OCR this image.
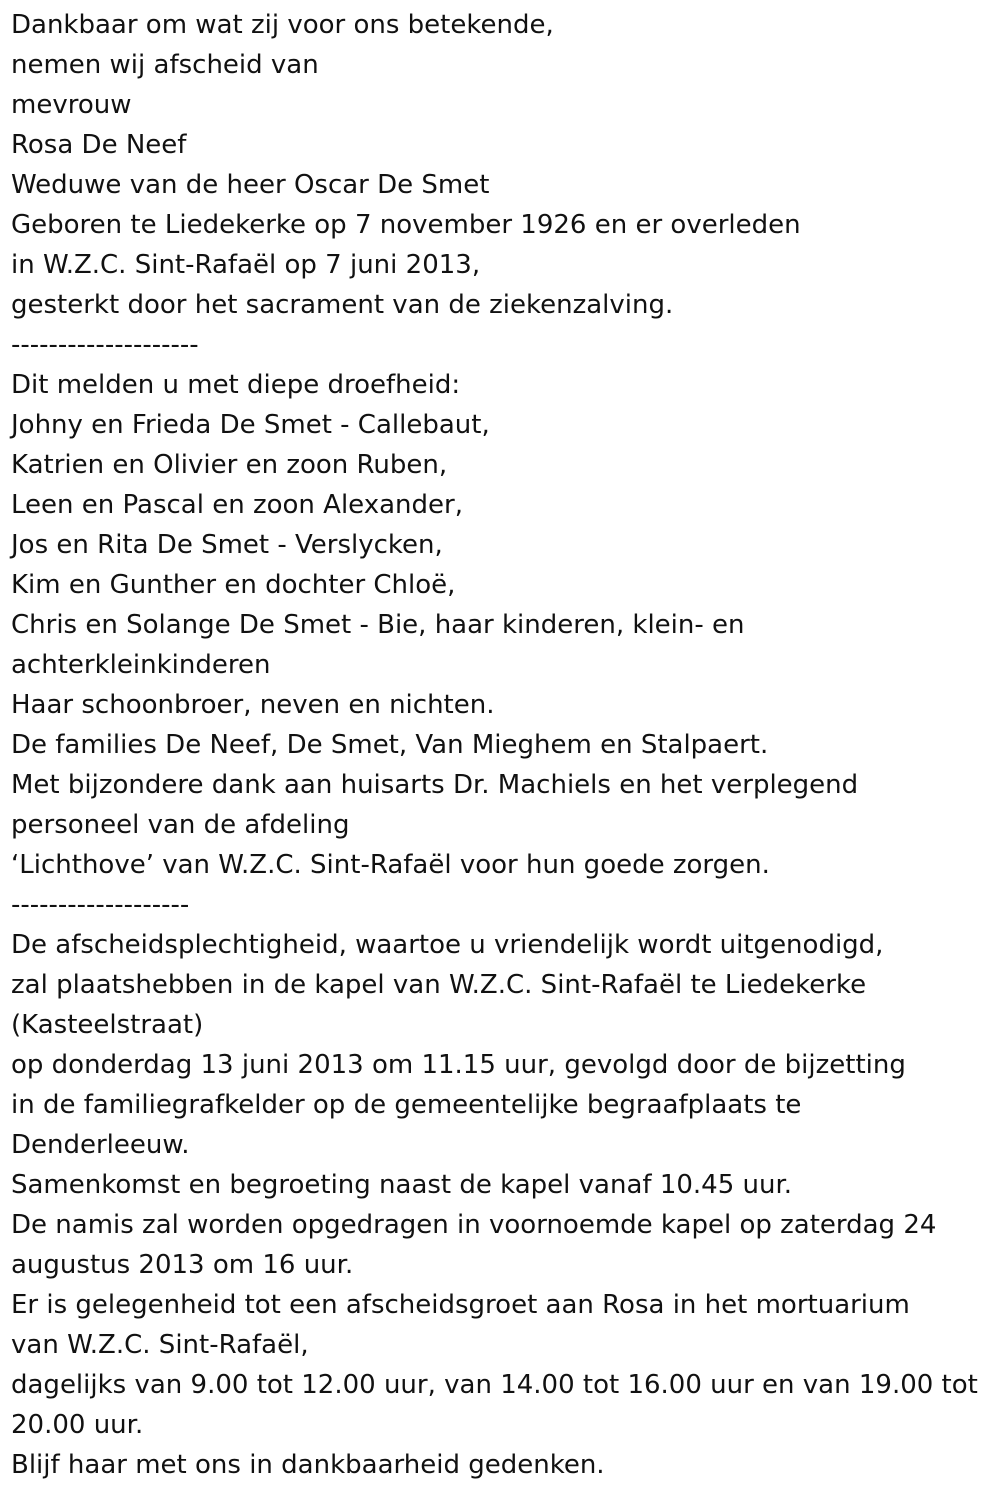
Dankbaar om wat zij voor ons betekende,
nemen wij afscheid van
mevrouw
Rosa De Neef
Weduwe van de heer Oscar De Smet
Geboren te Liedekerke op 7 november 1926 en er overleden
in W.Z.C. Sint-Rafaël op 7 juni 2013,
gesterkt door het sacrament van de ziekenzalving.
--------------------
Dit melden u met diepe droefheid:
Johny en Frieda De Smet - Callebaut,
Katrien en Olivier en zoon Ruben,
Leen en Pascal en zoon Alexander,
Jos en Rita De Smet - Verslycken,
Kim en Gunther en dochter Chloë,
Chris en Solange De Smet - Bie, haar kinderen, klein- en
achterkleinkinderen
Haar schoonbroer, neven en nichten.
De families De Neef, De Smet, Van Mieghem en Stalpaert.
Met bijzondere dank aan huisarts Dr. Machiels en het verplegend
personeel van de afdeling
‘Lichthove’ van W.Z.C. Sint-Rafaël voor hun goede zorgen.
-------------------
De afscheidsplechtigheid, waartoe u vriendelijk wordt uitgenodigd,
zal plaatshebben in de kapel van W.Z.C. Sint-Rafaël te Liedekerke
(Kasteelstraat)
op donderdag 13 juni 2013 om 11.15 uur, gevolgd door de bijzetting
in de familiegrafkelder op de gemeentelijke begraafplaats te
Denderleeuw.
Samenkomst en begroeting naast de kapel vanaf 10.45 uur.
De namis zal worden opgedragen in voornoemde kapel op zaterdag 24
augustus 2013 om 16 uur.
Er is gelegenheid tot een afscheidsgroet aan Rosa in het mortuarium
van W.Z.C. Sint-Rafaël,
dagelijks van 9.00 tot 12.00 uur, van 14.00 tot 16.00 uur en van 19.00 tot
20.00 uur.
Blijf haar met ons in dankbaarheid gedenken.
